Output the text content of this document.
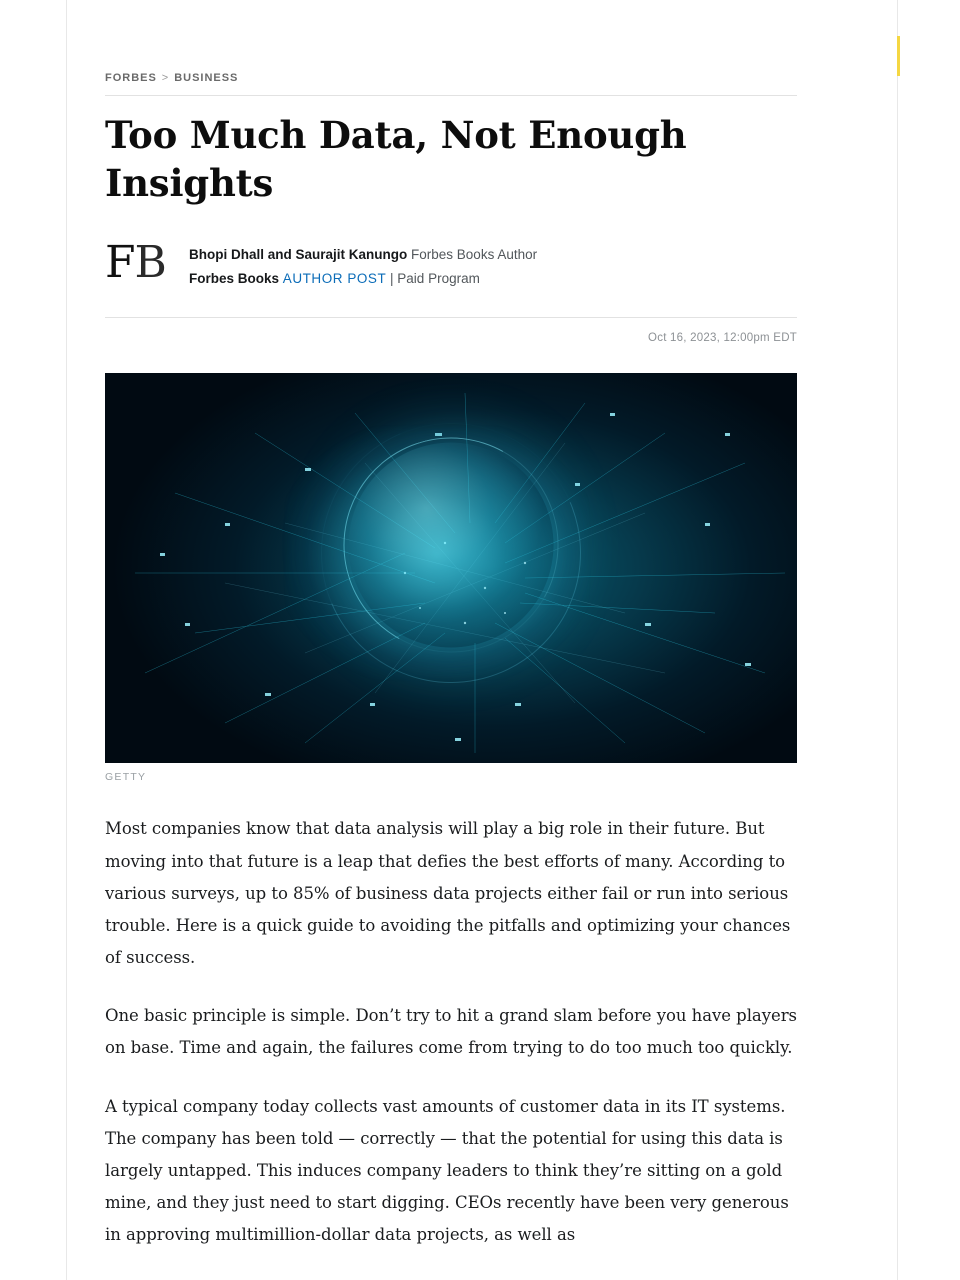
FORBES > BUSINESS
Too Much Data, Not Enough Insights
FB	Bhopi Dhall and Saurajit Kanungo Forbes Books Author
Forbes Books AUTHOR POST | Paid Program
Oct 16, 2023, 12:00pm EDT
GETTY

Most companies know that data analysis will play a big role in their future. But moving into that future is a leap that defies the best efforts of many. According to various surveys, up to 85% of business data projects either fail or run into serious trouble. Here is a quick guide to avoiding the pitfalls and optimizing your chances of success.

One basic principle is simple. Don’t try to hit a grand slam before you have players on base. Time and again, the failures come from trying to do too much too quickly.

A typical company today collects vast amounts of customer data in its IT systems. The company has been told — correctly — that the potential for using this data is largely untapped. This induces company leaders to think they’re sitting on a gold mine, and they just need to start digging. CEOs recently have been very generous in approving multimillion-dollar data projects, as well as
